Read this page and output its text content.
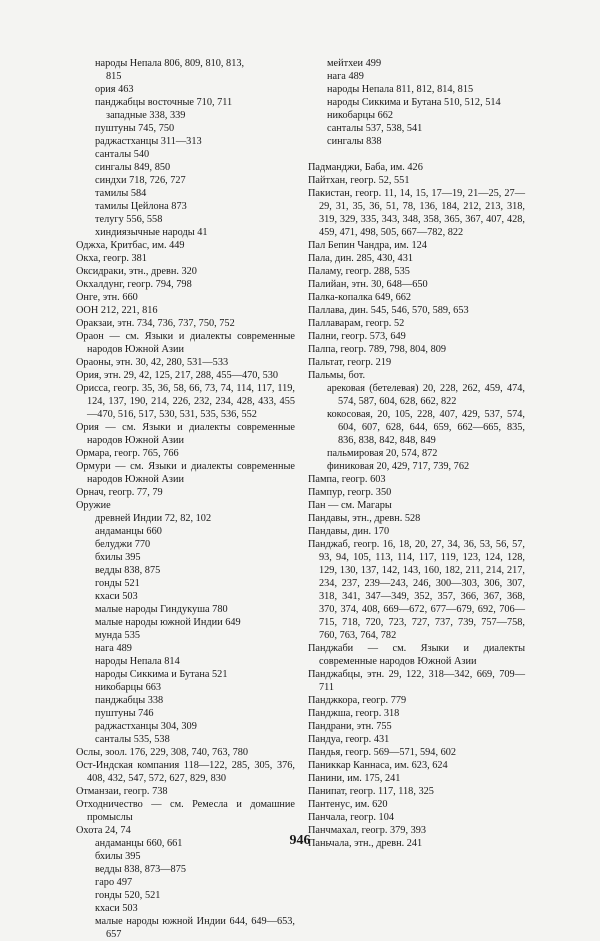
народы Непала 806, 809, 810, 813,
815
ория 463
панджабцы восточные 710, 711
западные 338, 339
пуштуны 745, 750
раджастханцы 311—313
санталы 540
сингалы 849, 850
синдхи 718, 726, 727
тамилы 584
тамилы Цейлона 873
телугу 556, 558
хиндиязычные народы 41
Оджха, Критбас, им. 449
Окха, геогр. 381
Оксидраки, этн., древн. 320
Окхалдунг, геогр. 794, 798
Онге, этн. 660
ООН 212, 221, 816
Оракзаи, этн. 734, 736, 737, 750, 752
Ораон — см. Языки и диалекты современные народов Южной Азии
Ораоны, этн. 30, 42, 280, 531—533
Ория, этн. 29, 42, 125, 217, 288, 455—470, 530
Орисса, геогр. 35, 36, 58, 66, 73, 74, 114, 117, 119, 124, 137, 190, 214, 226, 232, 234, 428, 433, 455—470, 516, 517, 530, 531, 535, 536, 552
Ория — см. Языки и диалекты современные народов Южной Азии
Ормара, геогр. 765, 766
Ормури — см. Языки и диалекты современные народов Южной Азии
Орнач, геогр. 77, 79
Оружие
древней Индии 72, 82, 102
андаманцы 660
белуджи 770
бхилы 395
ведды 838, 875
гонды 521
кхаси 503
малые народы Гиндукуша 780
малые народы южной Индии 649
мунда 535
нага 489
народы Непала 814
народы Сиккима и Бутана 521
никобарцы 663
панджабцы 338
пуштуны 746
раджастханцы 304, 309
санталы 535, 538
Ослы, зоол. 176, 229, 308, 740, 763, 780
Ост-Индская компания 118—122, 285, 305, 376, 408, 432, 547, 572, 627, 829, 830
Отманзаи, геогр. 738
Отходничество — см. Ремесла и домашние промыслы
Охота 24, 74
андаманцы 660, 661
бхилы 395
ведды 838, 873—875
гаро 497
гонды 520, 521
кхаси 503
малые народы южной Индии 644, 649—653, 657
мейтхеи 499
нага 489
народы Непала 811, 812, 814, 815
народы Сиккима и Бутана 510, 512, 514
никобарцы 662
санталы 537, 538, 541
сингалы 838
Падманджи, Баба, им. 426
Пайтхан, геогр. 52, 551
Пакистан, геогр. 11, 14, 15, 17—19, 21—25, 27—29, 31, 35, 36, 51, 78, 136, 184, 212, 213, 318, 319, 329, 335, 343, 348, 358, 365, 367, 407, 428, 459, 471, 498, 505, 667—782, 822
Пал Бепин Чандра, им. 124
Пала, дин. 285, 430, 431
Паламу, геогр. 288, 535
Палийан, этн. 30, 648—650
Палка-копалка 649, 662
Паллава, дин. 545, 546, 570, 589, 653
Паллаварам, геогр. 52
Пални, геогр. 573, 649
Палпа, геогр. 789, 798, 804, 809
Пальтат, геогр. 219
Пальмы, бот.
арековая (бетелевая) 20, 228, 262, 459, 474, 574, 587, 604, 628, 662, 822
кокосовая, 20, 105, 228, 407, 429, 537, 574, 604, 607, 628, 644, 659, 662—665, 835, 836, 838, 842, 848, 849
пальмировая 20, 574, 872
финиковая 20, 429, 717, 739, 762
Пампа, геогр. 603
Пампур, геогр. 350
Пан — см. Магары
Пандавы, этн., древн. 528
Пандавы, дин. 170
Панджаб, геогр. 16, 18, 20, 27, 34, 36, 53, 56, 57, 93, 94, 105, 113, 114, 117, 119, 123, 124, 128, 129, 130, 137, 142, 143, 160, 182, 211, 214, 217, 234, 237, 239—243, 246, 300—303, 306, 307, 318, 341, 347—349, 352, 357, 366, 367, 368, 370, 374, 408, 669—672, 677—679, 692, 706—715, 718, 720, 723, 727, 737, 739, 757—758, 760, 763, 764, 782
Панджаби — см. Языки и диалекты современные народов Южной Азии
Панджабцы, этн. 29, 122, 318—342, 669, 709—711
Панджкора, геогр. 779
Панджша, геогр. 318
Пандрани, этн. 755
Пандуа, геогр. 431
Пандья, геогр. 569—571, 594, 602
Паниккар Каннаса, им. 623, 624
Панини, им. 175, 241
Панипат, геогр. 117, 118, 325
Пантенус, им. 620
Панчала, геогр. 104
Панчмахал, геогр. 379, 393
Паньчала, этн., древн. 241
946
